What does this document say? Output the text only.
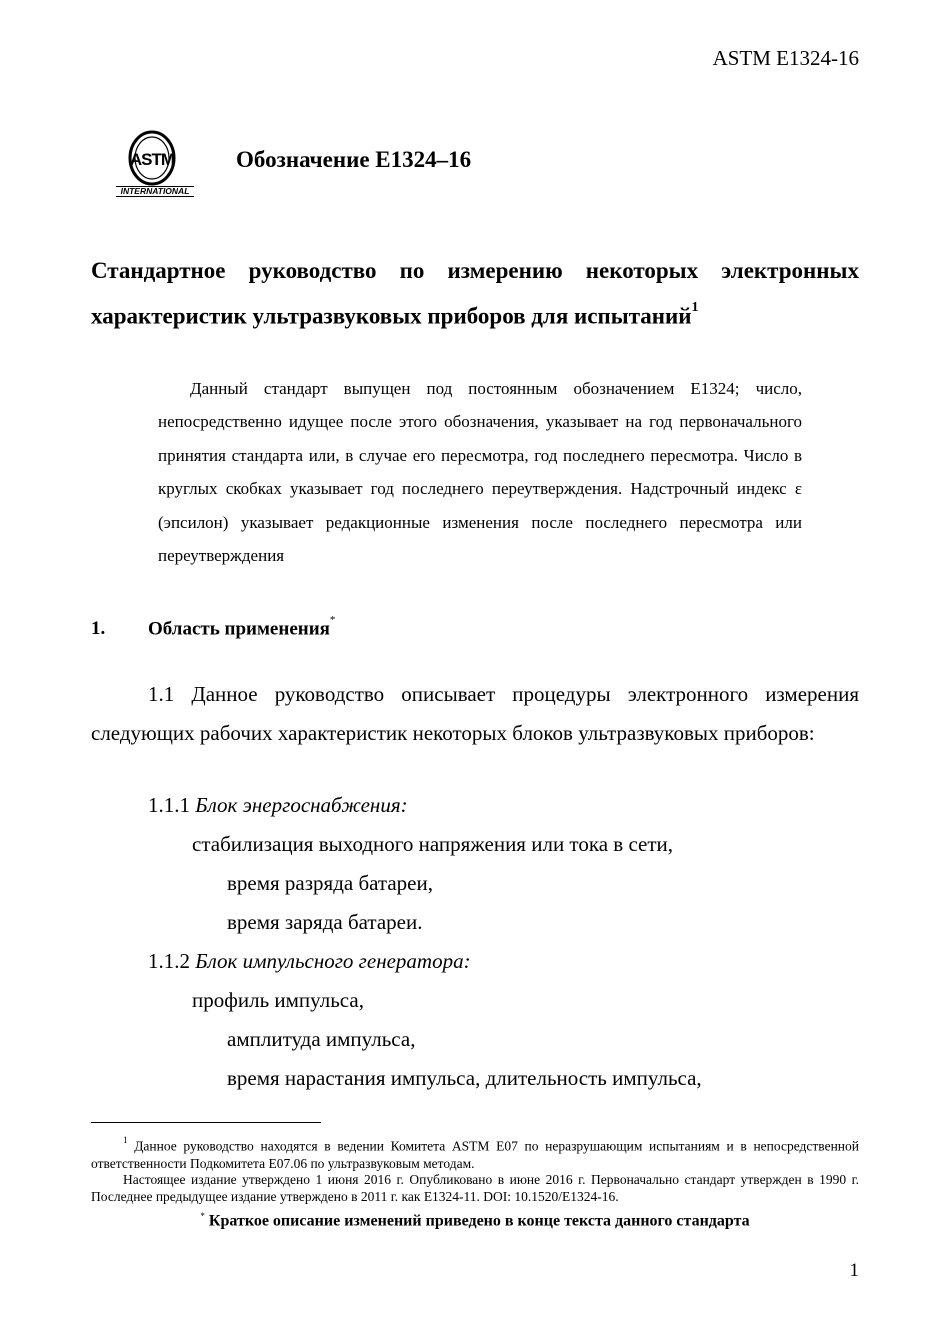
ASTM E1324-16
ASTM
INTERNATIONAL
Обозначение E1324–16
Стандартное руководство по измерению некоторых электронных характеристик ультразвуковых приборов для испытаний$^1$
Данный стандарт выпущен под постоянным обозначением E1324; число, непосредственно идущее после этого обозначения, указывает на год первоначального принятия стандарта или, в случае его пересмотра, год последнего пересмотра. Число в круглых скобках указывает год последнего переутверждения. Надстрочный индекс ε (эпсилон) указывает редакционные изменения после последнего пересмотра или переутверждения
1. Область применения*
1.1 Данное руководство описывает процедуры электронного измерения следующих рабочих характеристик некоторых блоков ультразвуковых приборов:
1.1.1 Блок энергоснабжения:
стабилизация выходного напряжения или тока в сети,
время разряда батареи,
время заряда батареи.
1.1.2 Блок импульсного генератора:
профиль импульса,
амплитуда импульса,
время нарастания импульса, длительность импульса,
$^1$ Данное руководство находятся в ведении Комитета ASTM E07 по неразрушающим испытаниям и в непосредственной ответственности Подкомитета E07.06 по ультразвуковым методам.
Настоящее издание утверждено 1 июня 2016 г. Опубликовано в июне 2016 г. Первоначально стандарт утвержден в 1990 г. Последнее предыдущее издание утверждено в 2011 г. как E1324-11. DOI: 10.1520/E1324-16.
* Краткое описание изменений приведено в конце текста данного стандарта
1
